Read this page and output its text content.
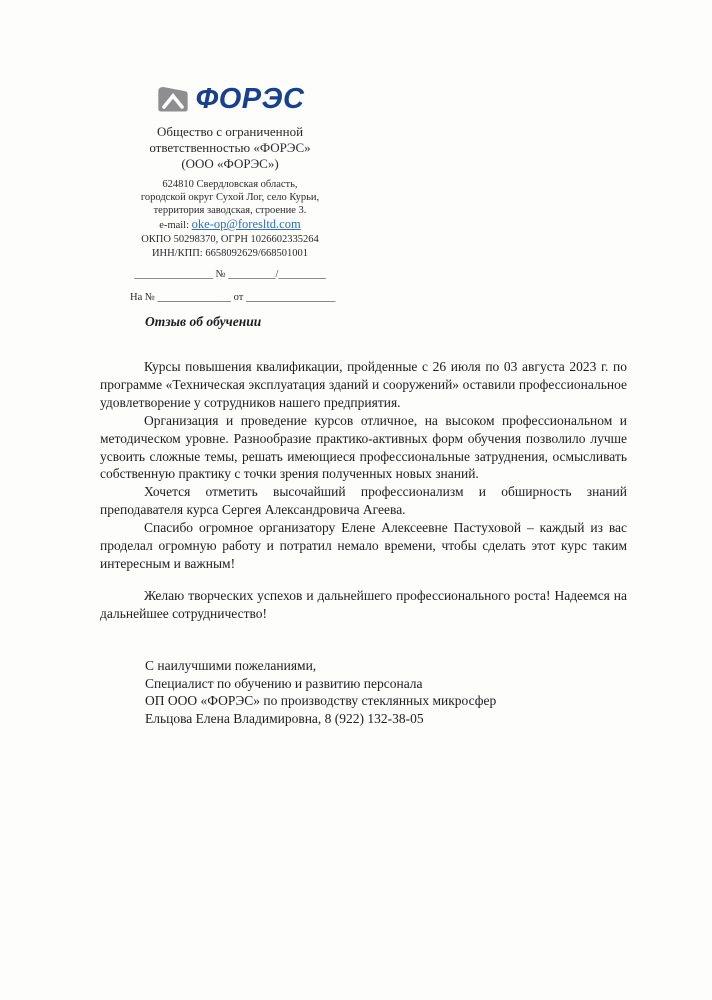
ФОРЭС
Общество с ограниченной
ответственностью «ФОРЭС»
(ООО «ФОРЭС»)
624810 Свердловская область,
городской округ Сухой Лог, село Курьи,
территория заводская, строение 3.
e-mail: oke-op@foresltd.com
ОКПО 50298370, ОГРН 1026602335264
ИНН/КПП: 6658092629/668501001
_______________ № _________/_________
На № ______________ от _________________
Отзыв об обучении

Курсы повышения квалификации, пройденные с 26 июля по 03 августа 2023 г. по программе «Техническая эксплуатация зданий и сооружений» оставили профессиональное удовлетворение у сотрудников нашего предприятия.

Организация и проведение курсов отличное, на высоком профессиональном и методическом уровне. Разнообразие практико-активных форм обучения позволило лучше усвоить сложные темы, решать имеющиеся профессиональные затруднения, осмысливать собственную практику с точки зрения полученных новых знаний.

Хочется отметить высочайший профессионализм и обширность знаний преподавателя курса Сергея Александровича Агеева.

Спасибо огромное организатору Елене Алексеевне Пастуховой – каждый из вас проделал огромную работу и потратил немало времени, чтобы сделать этот курс таким интересным и важным!

Желаю творческих успехов и дальнейшего профессионального роста! Надеемся на дальнейшее сотрудничество!

С наилучшими пожеланиями,
Специалист по обучению и развитию персонала
ОП ООО «ФОРЭС» по производству стеклянных микросфер
Ельцова Елена Владимировна, 8 (922) 132-38-05
